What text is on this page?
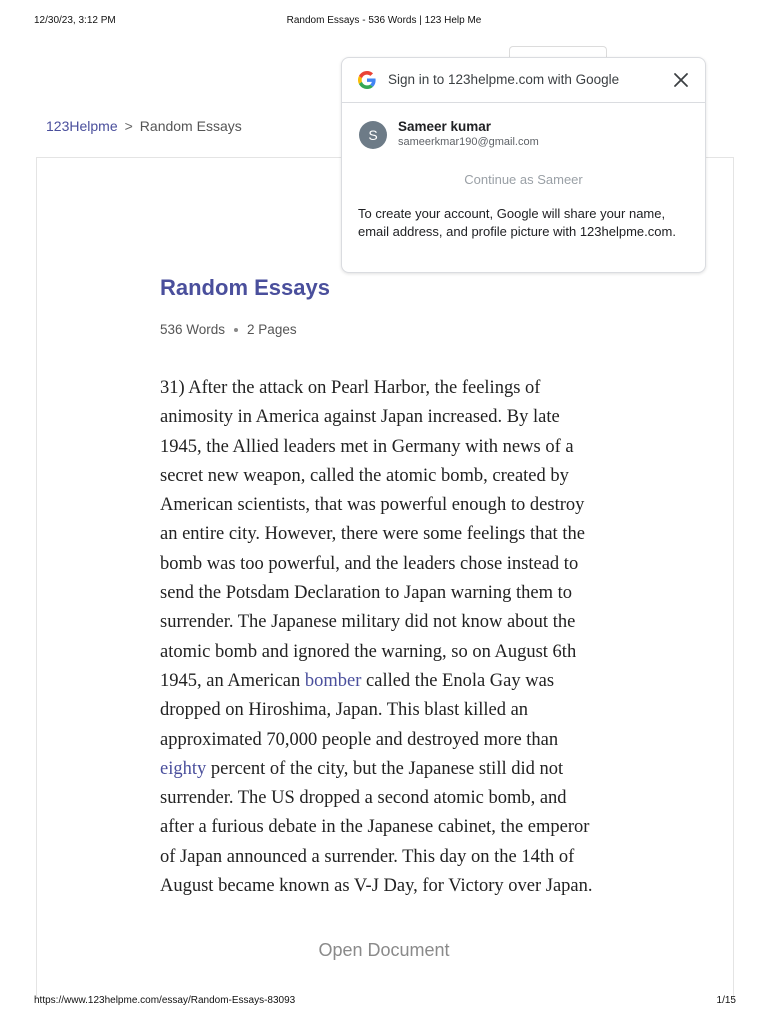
12/30/23, 3:12 PM	Random Essays - 536 Words | 123 Help Me
123Helpme > Random Essays
Random Essays
536 Words 2 Pages

31) After the attack on Pearl Harbor, the feelings of animosity in America against Japan increased. By late 1945, the Allied leaders met in Germany with news of a secret new weapon, called the atomic bomb, created by American scientists, that was powerful enough to destroy an entire city. However, there were some feelings that the bomb was too powerful, and the leaders chose instead to send the Potsdam Declaration to Japan warning them to surrender. The Japanese military did not know about the atomic bomb and ignored the warning, so on August 6th 1945, an American bomber called the Enola Gay was dropped on Hiroshima, Japan. This blast killed an approximated 70,000 people and destroyed more than eighty percent of the city, but the Japanese still did not surrender. The US dropped a second atomic bomb, and after a furious debate in the Japanese cabinet, the emperor of Japan announced a surrender. This day on the 14th of August became known as V-J Day, for Victory over Japan.

Open Document
Sign in to 123helpme.com with Google
S
Sameer kumar
sameerkmar190@gmail.com
Continue as Sameer
To create your account, Google will share your name, email address, and profile picture with 123helpme.com.
https://www.123helpme.com/essay/Random-Essays-83093	1/15
